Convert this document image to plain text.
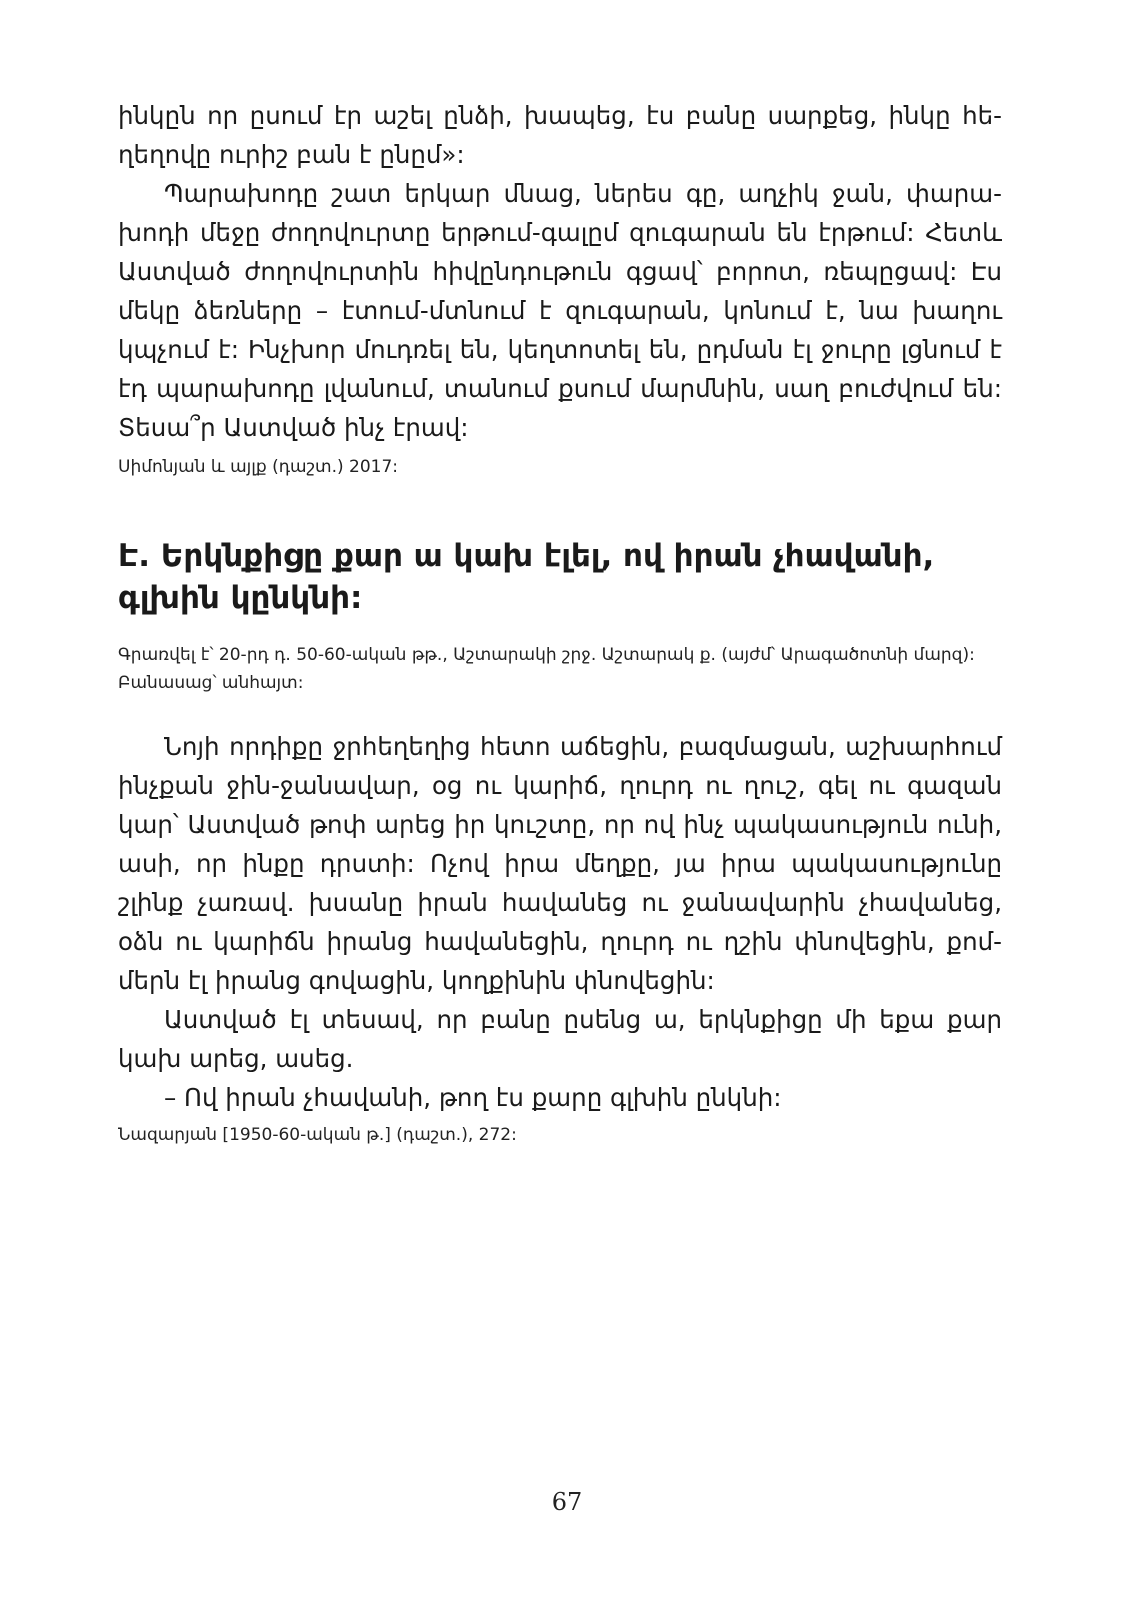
ինկըն որ ըսում էր աշել ընձի, խապեց, էս բանը սարքեց, ինկը հեղեղովը ուրիշ բան է ընըմ»:

Պարախոդը շատ երկար մնաց, ներես գը, աղչիկ ջան, փարախոդի մեջը ժողովուրտը երթում-գալըմ զուգարան են էրթում: Հետև Աստված ժողովուրտին հիվընդութուն գցավ՝ բորոտ, ռեպըցավ: Էս մեկը ձեռները – էտում-մտնում է զուգարան, կոնում է, նա խաղու կպչում է: Ինչխոր մուդռել են, կեղտոտել են, ըդման էլ ջուրը լցնում է էդ պարախոդը լվանում, տանում քսում մարմնին, սաղ բուժվում են: Տեսա՞ր Աստված ինչ էրավ:

Սիմոնյան և այլք (դաշտ.) 2017:

Է. Երկնքիցը քար ա կախ էլել, ով իրան չհավանի, գլխին կընկնի:

Գրառվել է՝ 20-րդ դ. 50-60-ական թթ., Աշտարակի շրջ. Աշտարակ ք. (այժմ՝ Արագածոտնի մարզ):

Բանասաց՝ անհայտ:

Նոյի որդիքը ջրհեղեղից հետո աճեցին, բազմացան, աշխարհում ինչքան ջին-ջանավար, օց ու կարիճ, ղուրդ ու ղուշ, գել ու գազան կար՝ Աստված թոփ արեց իր կուշտը, որ ով ինչ պակասություն ունի, ասի, որ ինքը դրստի: Ոչով իրա մեղքը, յա իրա պակասությունը շլինք չառավ. խսանը իրան հավանեց ու ջանավարին չհավանեց, օձն ու կարիճն իրանց հավանեցին, ղուրդ ու ղշին փնովեցին, քոմմերն էլ իրանց գովացին, կողքինին փնովեցին:

Աստված էլ տեսավ, որ բանը ըսենց ա, երկնքիցը մի եքա քար կախ արեց, ասեց.

– Ով իրան չհավանի, թող էս քարը գլխին ընկնի:

Նազարյան [1950-60-ական թ.] (դաշտ.), 272:

67
